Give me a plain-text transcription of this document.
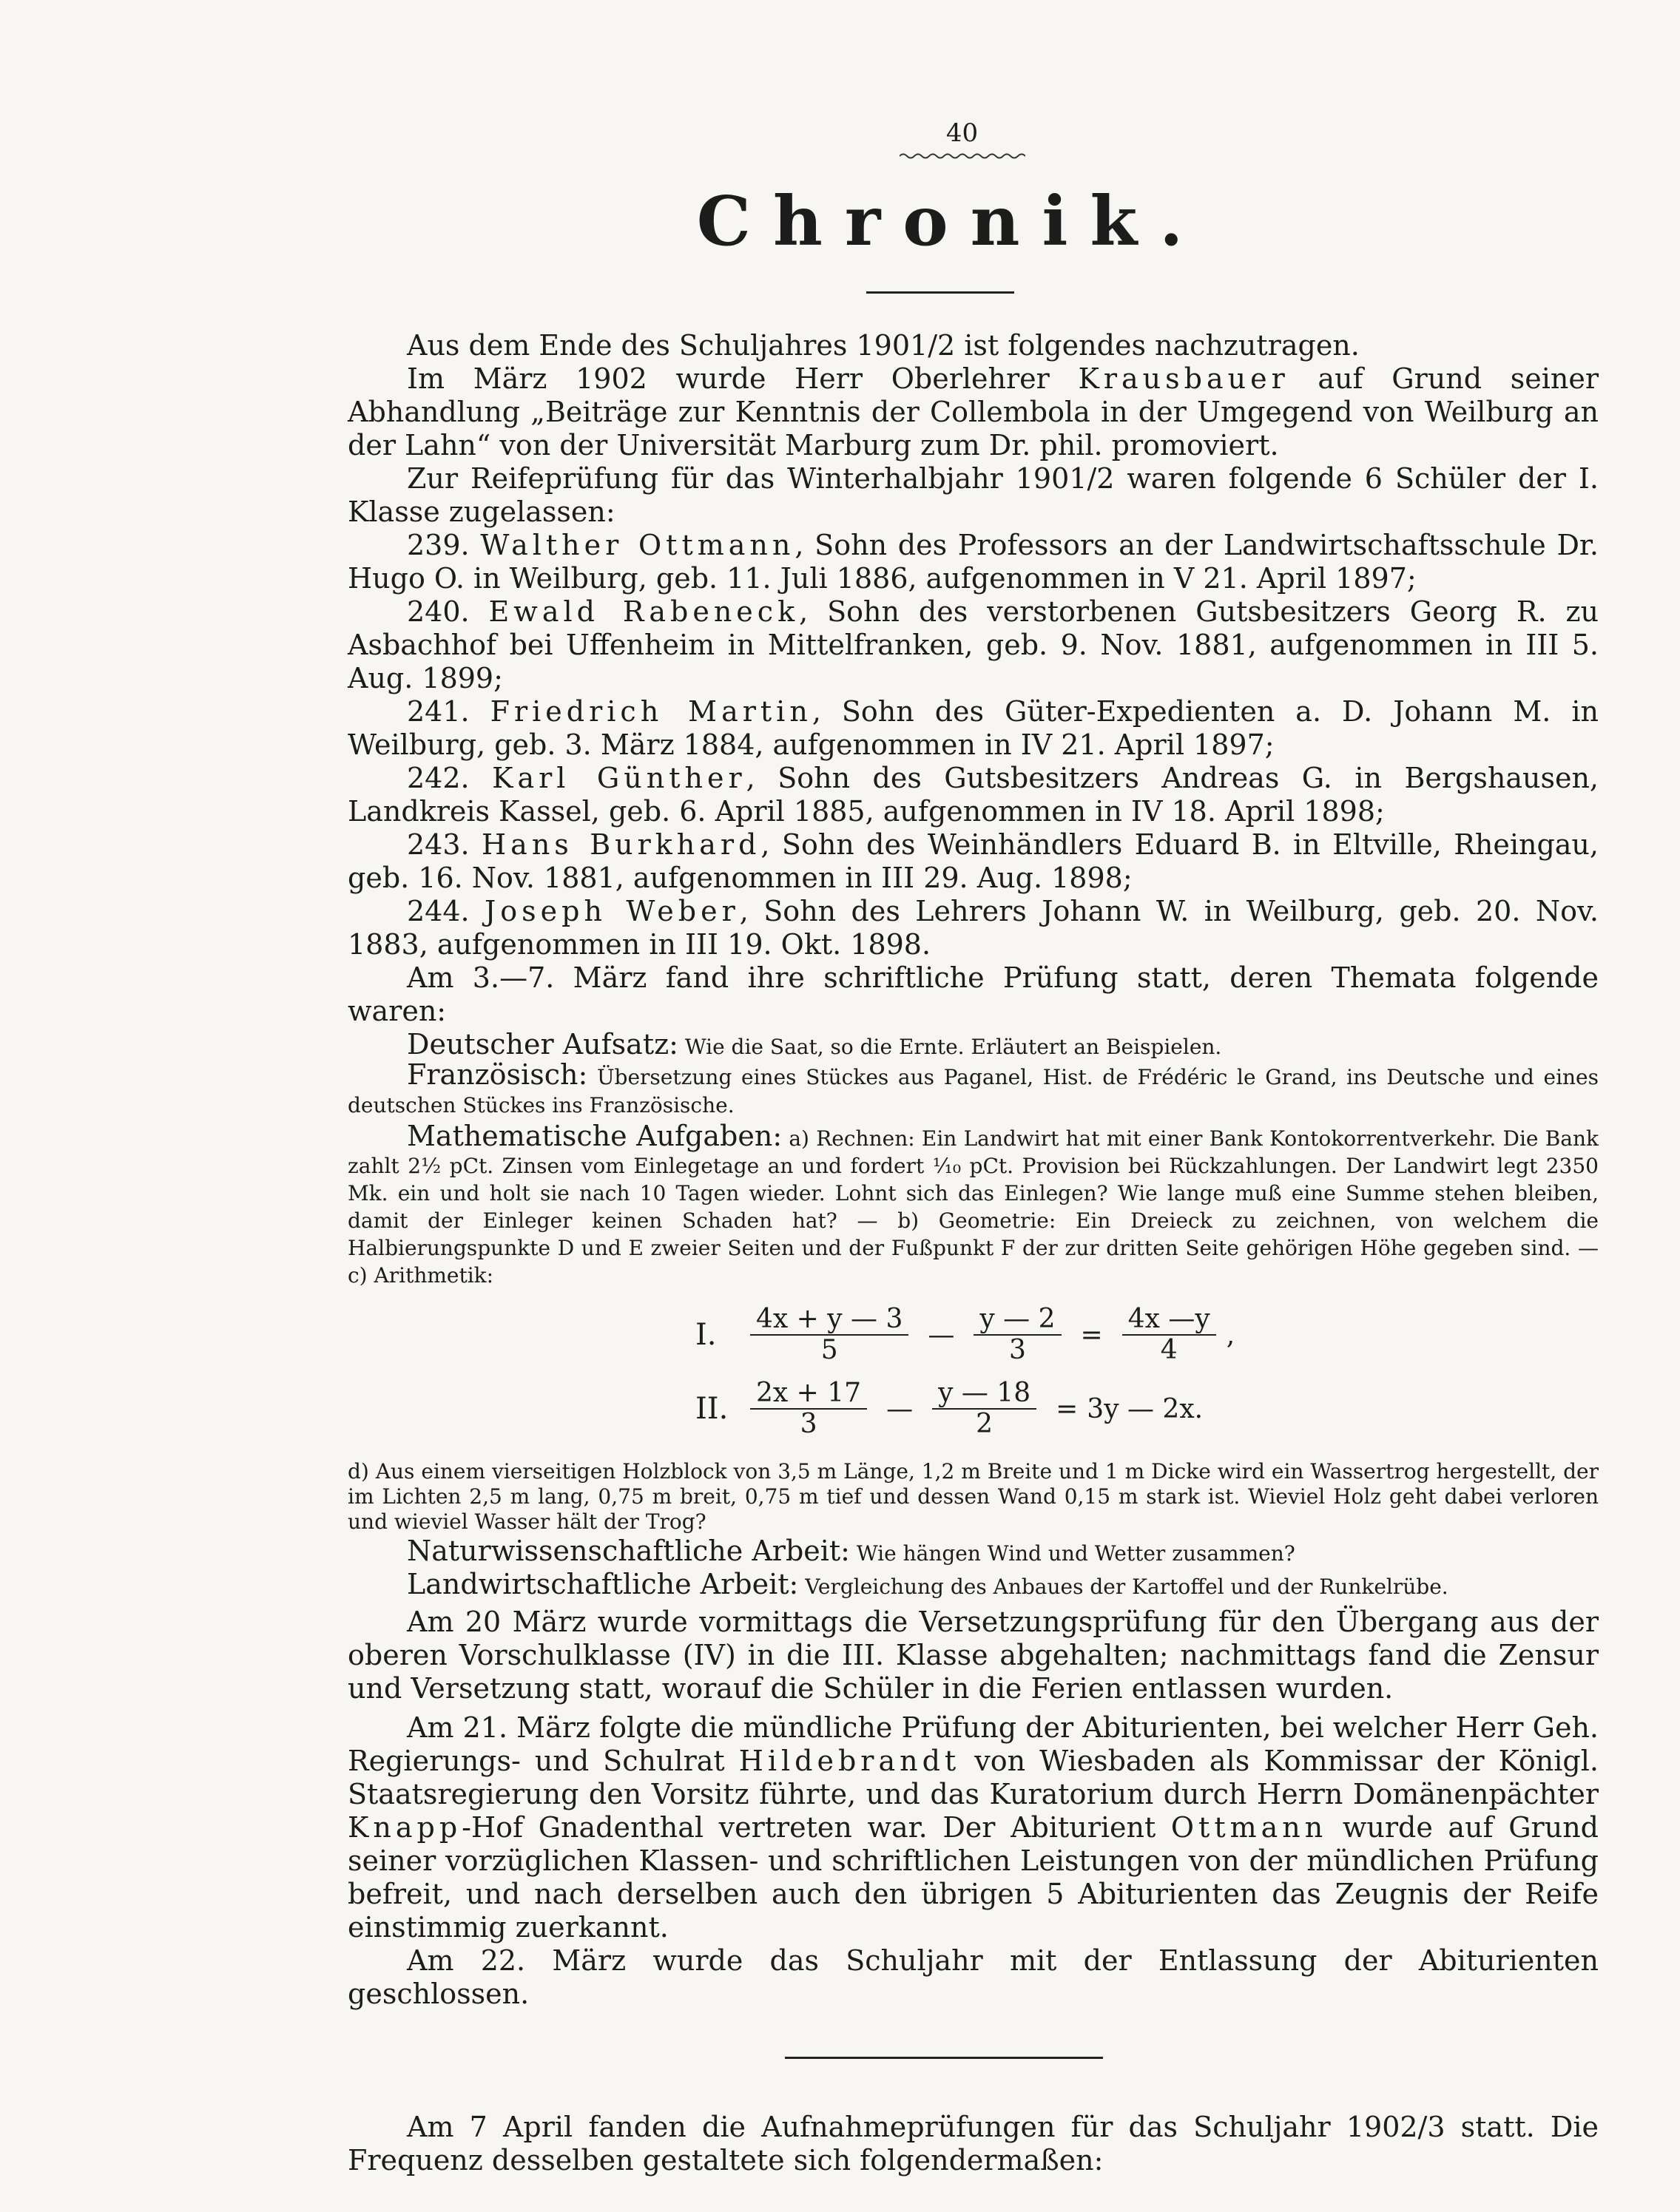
40
Chronik.

Aus dem Ende des Schuljahres 1901/2 ist folgendes nachzutragen.

Im März 1902 wurde Herr Oberlehrer Krausbauer auf Grund seiner Abhandlung „Beiträge zur Kenntnis der Collembola in der Umgegend von Weilburg an der Lahn“ von der Universität Marburg zum Dr. phil. promoviert.

Zur Reifeprüfung für das Winterhalbjahr 1901/2 waren folgende 6 Schüler der I. Klasse zugelassen:

239. Walther Ottmann, Sohn des Professors an der Landwirtschaftsschule Dr. Hugo O. in Weilburg, geb. 11. Juli 1886, aufgenommen in V 21. April 1897;

240. Ewald Rabeneck, Sohn des verstorbenen Gutsbesitzers Georg R. zu Asbachhof bei Uffenheim in Mittelfranken, geb. 9. Nov. 1881, aufgenommen in III 5. Aug. 1899;

241. Friedrich Martin, Sohn des Güter-Expedienten a. D. Johann M. in Weilburg, geb. 3. März 1884, aufgenommen in IV 21. April 1897;

242. Karl Günther, Sohn des Gutsbesitzers Andreas G. in Bergshausen, Landkreis Kassel, geb. 6. April 1885, aufgenommen in IV 18. April 1898;

243. Hans Burkhard, Sohn des Weinhändlers Eduard B. in Eltville, Rheingau, geb. 16. Nov. 1881, aufgenommen in III 29. Aug. 1898;

244. Joseph Weber, Sohn des Lehrers Johann W. in Weilburg, geb. 20. Nov. 1883, aufgenommen in III 19. Okt. 1898.

Am 3.—7. März fand ihre schriftliche Prüfung statt, deren Themata folgende waren:

Deutscher Aufsatz: Wie die Saat, so die Ernte. Erläutert an Beispielen.

Französisch: Übersetzung eines Stückes aus Paganel, Hist. de Frédéric le Grand, ins Deutsche und eines deutschen Stückes ins Französische.

Mathematische Aufgaben: a) Rechnen: Ein Landwirt hat mit einer Bank Kontokorrentverkehr. Die Bank zahlt 2½ pCt. Zinsen vom Einlegetage an und fordert ¹⁄₁₀ pCt. Provision bei Rückzahlungen. Der Landwirt legt 2350 Mk. ein und holt sie nach 10 Tagen wieder. Lohnt sich das Einlegen? Wie lange muß eine Summe stehen bleiben, damit der Einleger keinen Schaden hat? — b) Geometrie: Ein Dreieck zu zeichnen, von welchem die Halbierungspunkte D und E zweier Seiten und der Fußpunkt F der zur dritten Seite gehörigen Höhe gegeben sind. — c) Arithmetik:

I.	$\frac{4x + y — 3}{5}$ — $\frac{y — 2}{3} = \frac{4x —y}{4}$ ,
II. $\frac{2x + 17}{3}$ — $\frac{y — 18}{2} = 3y$ — 2x.

d) Aus einem vierseitigen Holzblock von 3,5 m Länge, 1,2 m Breite und 1 m Dicke wird ein Wassertrog hergestellt, der im Lichten 2,5 m lang, 0,75 m breit, 0,75 m tief und dessen Wand 0,15 m stark ist. Wieviel Holz geht dabei verloren und wieviel Wasser hält der Trog?

Naturwissenschaftliche Arbeit: Wie hängen Wind und Wetter zusammen?

Landwirtschaftliche Arbeit: Vergleichung des Anbaues der Kartoffel und der Runkelrübe.

Am 20 März wurde vormittags die Versetzungsprüfung für den Übergang aus der oberen Vorschulklasse (IV) in die III. Klasse abgehalten; nachmittags fand die Zensur und Versetzung statt, worauf die Schüler in die Ferien entlassen wurden.

Am 21. März folgte die mündliche Prüfung der Abiturienten, bei welcher Herr Geh. Regierungs- und Schulrat Hildebrandt von Wiesbaden als Kommissar der Königl. Staatsregierung den Vorsitz führte, und das Kuratorium durch Herrn Domänenpächter Knapp-Hof Gnadenthal vertreten war. Der Abiturient Ottmann wurde auf Grund seiner vorzüglichen Klassen- und schriftlichen Leistungen von der mündlichen Prüfung befreit, und nach derselben auch den übrigen 5 Abiturienten das Zeugnis der Reife einstimmig zuerkannt.

Am 22. März wurde das Schuljahr mit der Entlassung der Abiturienten geschlossen.

Am 7 April fanden die Aufnahmeprüfungen für das Schuljahr 1902/3 statt. Die Frequenz desselben gestaltete sich folgendermaßen:
